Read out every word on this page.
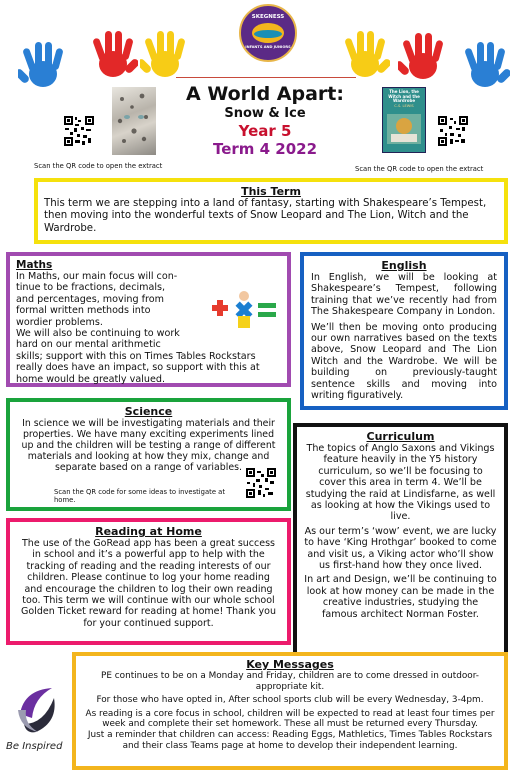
SKEGNESS
INFANTS AND JUNIORS
Scan the QR code to open the extract
A World Apart:
Snow & Ice
Year 5
Term 4 2022
The Lion, the Witch and the Wardrobe
C.S. LEWIS
Scan the QR code to open the extract
This Term
This term we are stepping into a land of fantasy, starting with Shakespeare’s Tempest, then moving into the wonderful texts of Snow Leopard and The Lion, Witch and the Wardrobe.
Maths
In Maths, our main focus will con-
tinue to be fractions, decimals,
and percentages, moving from
formal written methods into
wordier problems.
We will also be continuing to work
hard on our mental arithmetic
skills; support with this on Times Tables Rockstars really does have an impact, so support with this at home would be greatly valued.
English
In English, we will be looking at Shakespeare’s Tempest, following training that we’ve recently had from The Shakespeare Company in London.
We’ll then be moving onto producing our own narratives based on the texts above, Snow Leopard and The Lion Witch and the Wardrobe. We will be building on previously-taught sentence skills and moving into writing figuratively.
Science
In science we will be investigating materials and their properties. We have many exciting experiments lined up and the children will be testing a range of different materials and looking at how they mix, change and separate based on a range of variables.
Scan the QR code for some ideas to investigate at home.
Curriculum
The topics of Anglo Saxons and Vikings feature heavily in the Y5 history curriculum, so we’ll be focusing to cover this area in term 4. We’ll be studying the raid at Lindisfarne, as well as looking at how the Vikings used to live.
As our term’s ‘wow’ event, we are lucky to have ‘King Hrothgar’ booked to come and visit us, a Viking actor who’ll show us first-hand how they once lived.
In art and Design, we’ll be continuing to look at how money can be made in the creative industries, studying the famous architect Norman Foster.
Reading at Home
The use of the GoRead app has been a great success in school and it’s a powerful app to help with the tracking of reading and the reading interests of our children. Please continue to log your home reading and encourage the children to log their own reading too. This term we will continue with our whole school Golden Ticket reward for reading at home! Thank you for your continued support.
Key Messages
PE continues to be on a Monday and Friday, children are to come dressed in outdoor-appropriate kit.
For those who have opted in, After school sports club will be every Wednesday, 3-4pm.
As reading is a core focus in school, children will be expected to read at least four times per week and complete their set homework. These all must be returned every Thursday.
Just a reminder that children can access: Reading Eggs, Mathletics, Times Tables Rockstars and their class Teams page at home to develop their independent learning.
Be Inspired
